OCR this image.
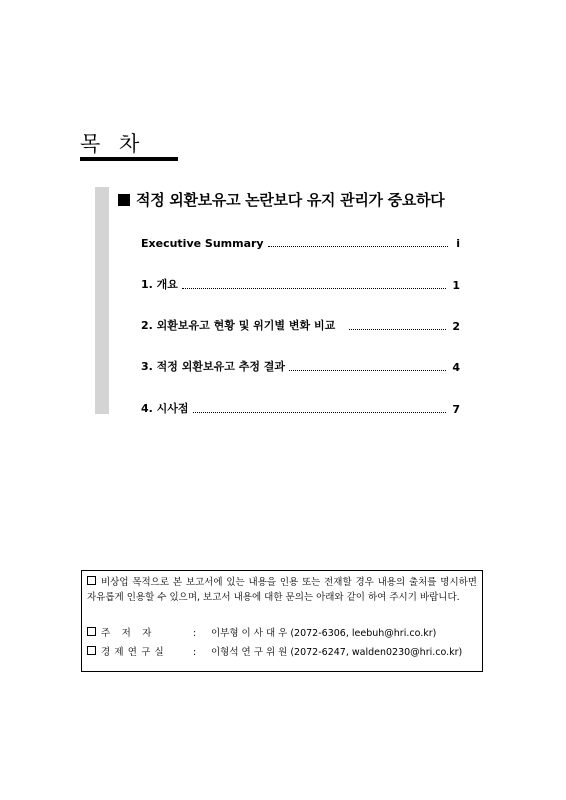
목 차
적정 외환보유고 논란보다 유지 관리가 중요하다
Executive Summary	i
1. 개요	1
2. 외환보유고 현황 및 위기별 변화 비교	2
3. 적정 외환보유고 추정 결과	4
4. 시사점	7
비상업 목적으로 본 보고서에 있는 내용을 인용 또는 전재할 경우 내용의 출처를 명시하면 자유롭게 인용할 수 있으며, 보고서 내용에 대한 문의는 아래와 같이 하여 주시기 바랍니다.
주 저 자	: 이부형 이 사 대 우 (2072-6306, leebuh@hri.co.kr)
경제연구실	: 이형석 연 구 위 원 (2072-6247, walden0230@hri.co.kr)
